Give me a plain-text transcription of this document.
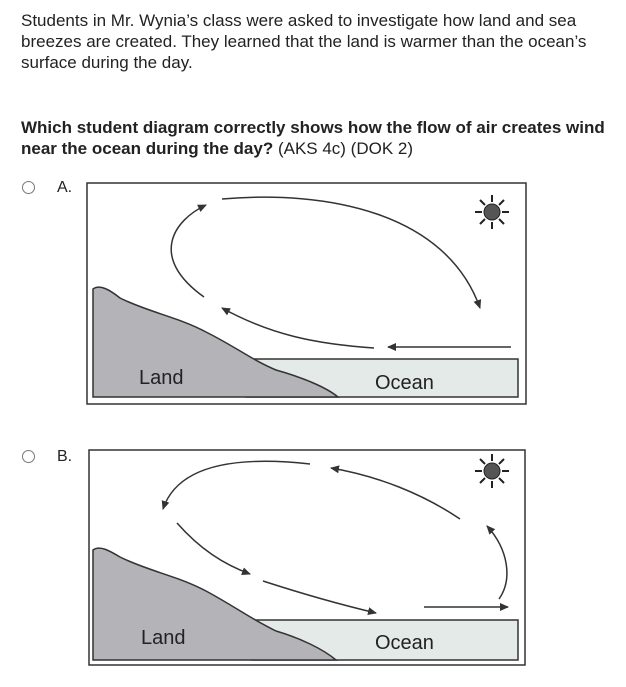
Students in Mr. Wynia’s class were asked to investigate how land and sea breezes are created. They learned that the land is warmer than the ocean’s surface during the day.

Which student diagram correctly shows how the flow of air creates wind near the ocean during the day? (AKS 4c) (DOK 2)

A.
Land	Ocean
B.
Land	Ocean
